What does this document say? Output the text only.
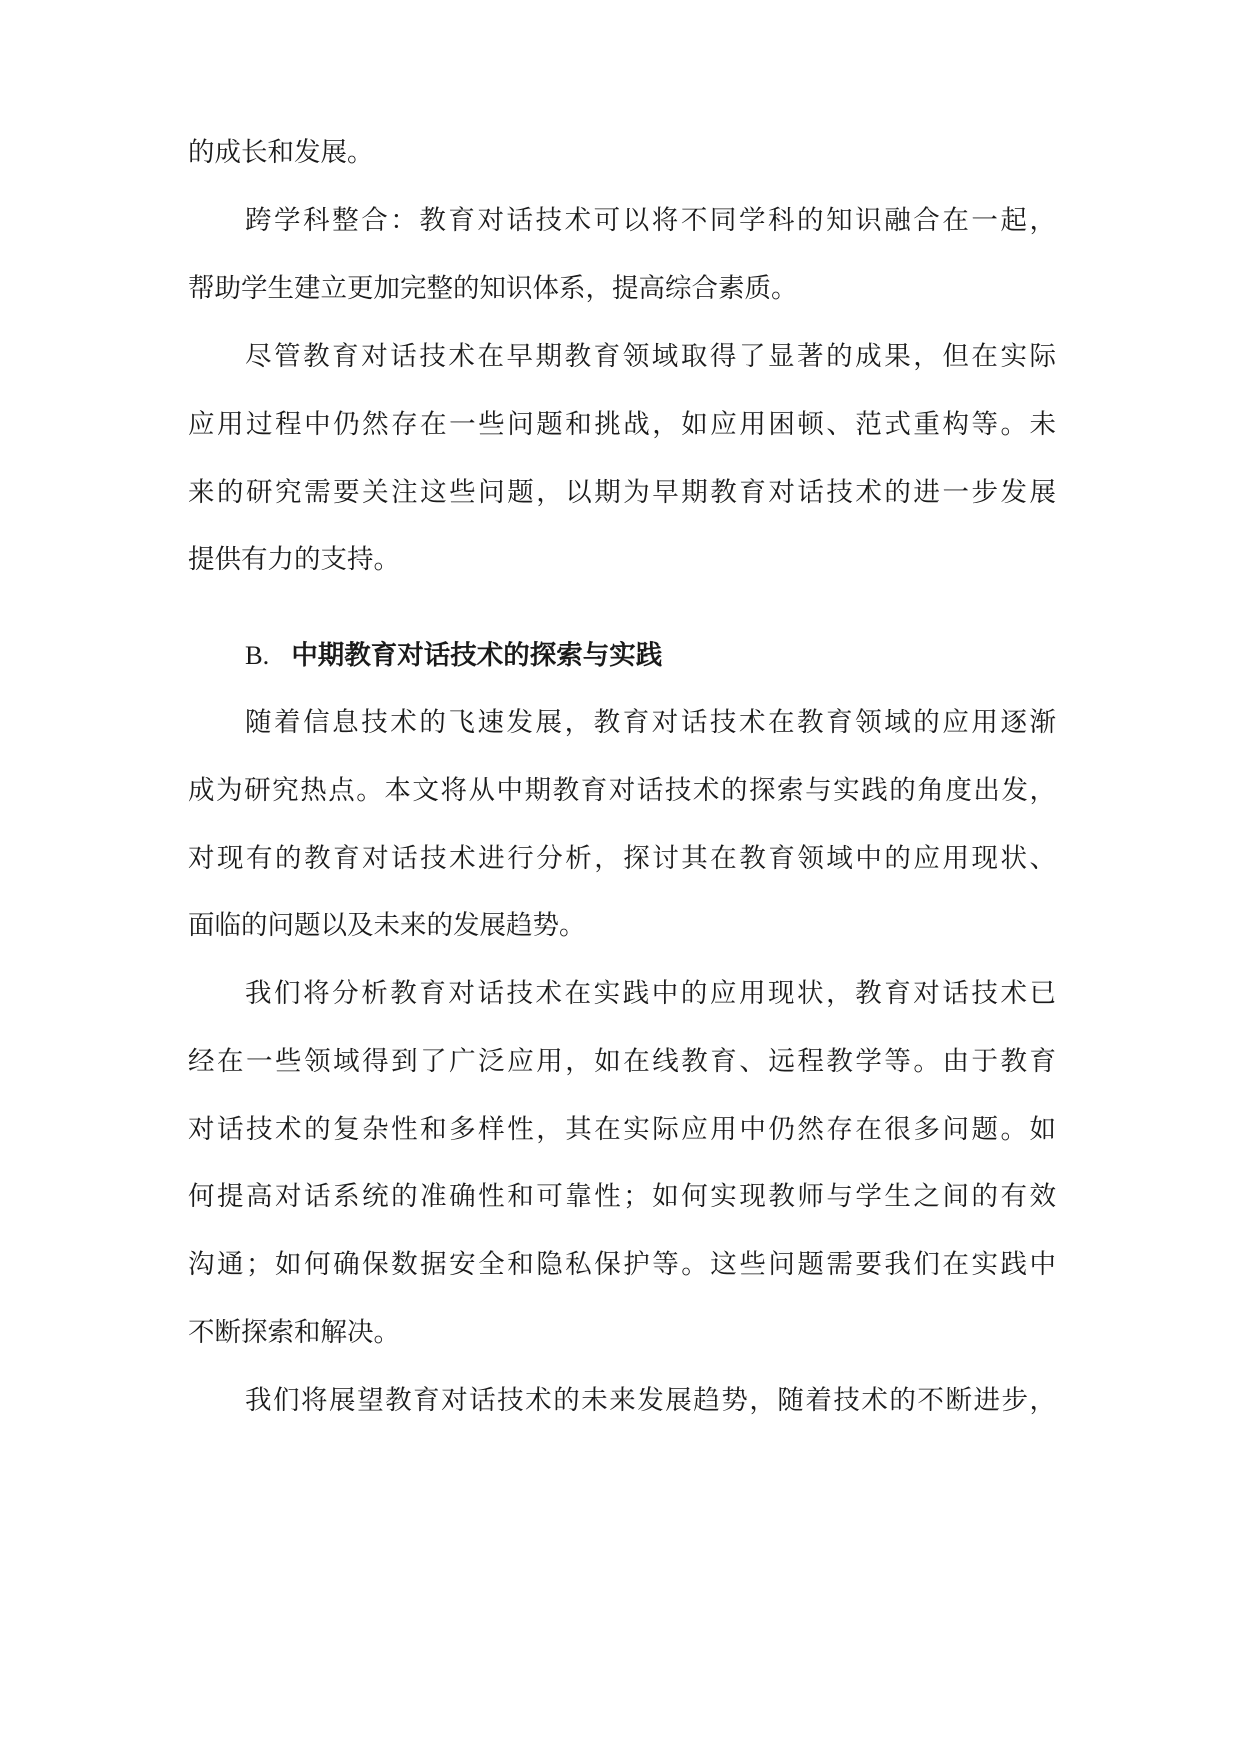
的成长和发展。
跨学科整合：教育对话技术可以将不同学科的知识融合在一起，
帮助学生建立更加完整的知识体系，提高综合素质。
尽管教育对话技术在早期教育领域取得了显著的成果，但在实际
应用过程中仍然存在一些问题和挑战，如应用困顿、范式重构等。未
来的研究需要关注这些问题，以期为早期教育对话技术的进一步发展
提供有力的支持。
B. 中期教育对话技术的探索与实践
随着信息技术的飞速发展，教育对话技术在教育领域的应用逐渐
成为研究热点。本文将从中期教育对话技术的探索与实践的角度出发，
对现有的教育对话技术进行分析，探讨其在教育领域中的应用现状、
面临的问题以及未来的发展趋势。
我们将分析教育对话技术在实践中的应用现状，教育对话技术已
经在一些领域得到了广泛应用，如在线教育、远程教学等。由于教育
对话技术的复杂性和多样性，其在实际应用中仍然存在很多问题。如
何提高对话系统的准确性和可靠性；如何实现教师与学生之间的有效
沟通；如何确保数据安全和隐私保护等。这些问题需要我们在实践中
不断探索和解决。
我们将展望教育对话技术的未来发展趋势，随着技术的不断进步，
